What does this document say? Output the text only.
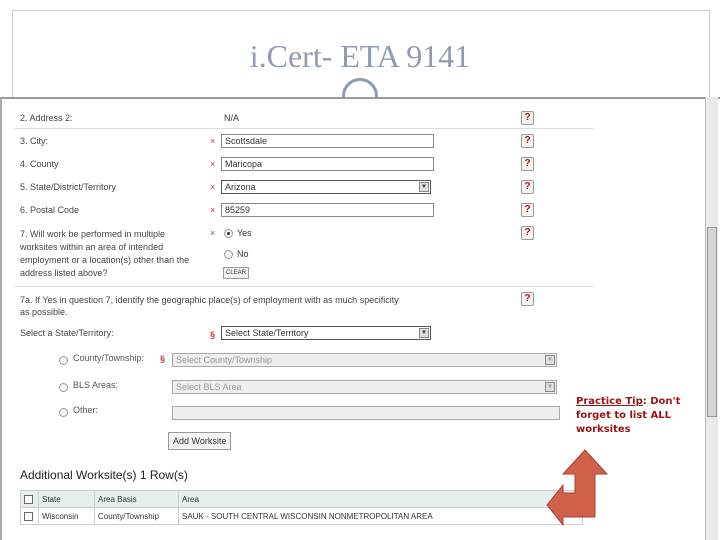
i.Cert- ETA 9141
2. Address 2:	N/A	?
3. City:	×	Scottsdale	?
4. County	×	Maricopa	?
5. State/District/Territory	×	Arizona	▼	?
6. Postal Code	×	85259	?
7. Will work be performed in multiple worksites within an area of intended employment or a location(s) other than the address listed above?
× Yes
No
CLEAR
?
7a. If Yes in question 7, identify the geographic place(s) of employment with as much specificity as possible.
?
Select a State/Territory:	§	Select State/Territory	▼
County/Township: §	Select County/Township	▼
BLS Areas:	Select BLS Area	▼
Other:
Add Worksite
Additional Worksite(s) 1 Row(s)
	State	Area Basis	Area
	Wisconsin	County/Township	SAUK - SOUTH CENTRAL WISCONSIN NONMETROPOLITAN AREA
Practice Tip: Don't forget to list ALL worksites
